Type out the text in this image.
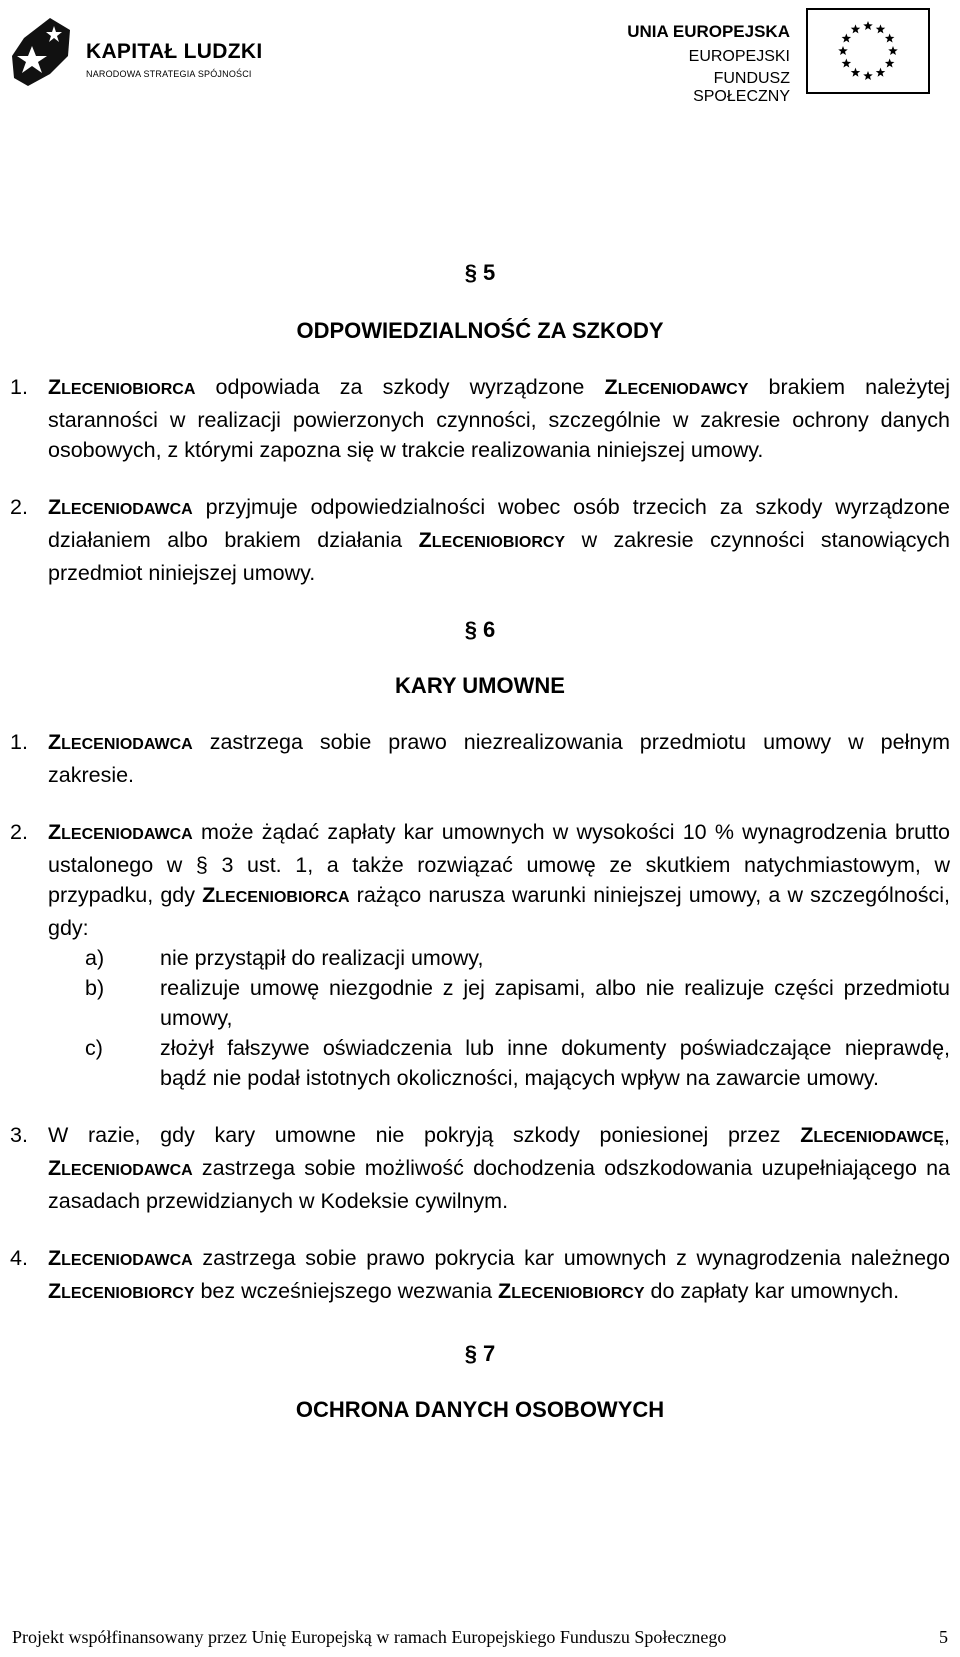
KAPITAŁ LUDZKI
NARODOWA STRATEGIA SPÓJNOŚCI
UNIA EUROPEJSKA
EUROPEJSKI
FUNDUSZ SPOŁECZNY

§ 5

ODPOWIEDZIALNOŚĆ ZA SZKODY

1. ZLECENIOBIORCA odpowiada za szkody wyrządzone ZLECENIODAWCY brakiem należytej staranności w realizacji powierzonych czynności, szczególnie w zakresie ochrony danych osobowych, z którymi zapozna się w trakcie realizowania niniejszej umowy.
2. ZLECENIODAWCA przyjmuje odpowiedzialności wobec osób trzecich za szkody wyrządzone działaniem albo brakiem działania ZLECENIOBIORCY w zakresie czynności stanowiących przedmiot niniejszej umowy.

§ 6

KARY UMOWNE

1. ZLECENIODAWCA zastrzega sobie prawo niezrealizowania przedmiotu umowy w pełnym zakresie.
2. ZLECENIODAWCA może żądać zapłaty kar umownych w wysokości 10 % wynagrodzenia brutto ustalonego w § 3 ust. 1, a także rozwiązać umowę ze skutkiem natychmiastowym, w przypadku, gdy ZLECENIOBIORCA rażąco narusza warunki niniejszej umowy, a w szczególności, gdy:
a)	nie przystąpił do realizacji umowy,
b)	realizuje umowę niezgodnie z jej zapisami, albo nie realizuje części przedmiotu umowy,
c)	złożył fałszywe oświadczenia lub inne dokumenty poświadczające nieprawdę, bądź nie podał istotnych okoliczności, mających wpływ na zawarcie umowy.
3. W razie, gdy kary umowne nie pokryją szkody poniesionej przez ZLECENIODAWCĘ, ZLECENIODAWCA zastrzega sobie możliwość dochodzenia odszkodowania uzupełniającego na zasadach przewidzianych w Kodeksie cywilnym.
4. ZLECENIODAWCA zastrzega sobie prawo pokrycia kar umownych z wynagrodzenia należnego ZLECENIOBIORCY bez wcześniejszego wezwania ZLECENIOBIORCY do zapłaty kar umownych.

§ 7

OCHRONA DANYCH OSOBOWYCH

Projekt współfinansowany przez Unię Europejską w ramach Europejskiego Funduszu Społecznego	5
